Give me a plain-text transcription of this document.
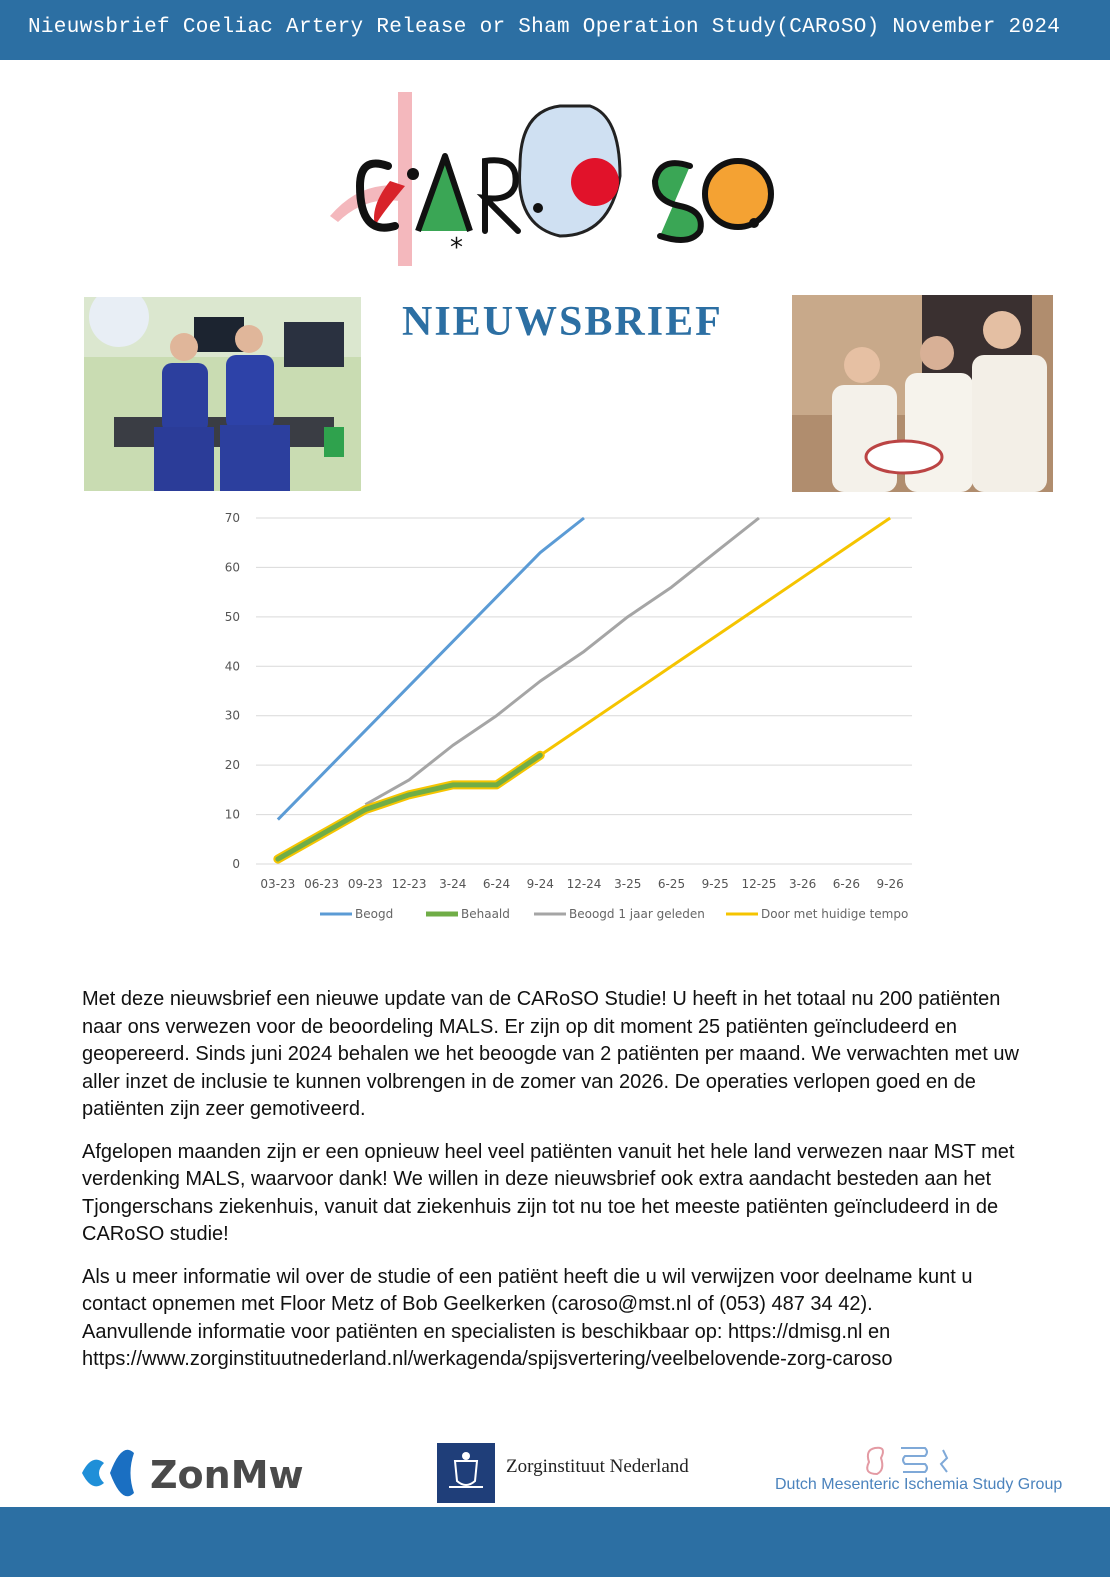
Nieuwsbrief Coeliac Artery Release or Sham Operation Study(CARoSO) November 2024
*
NIEUWSBRIEF
0
10
20
30
40
50
60
70
03-23 06-23 09-23 12-23 3-24 6-24 9-24 12-24 3-25 6-25 9-25 12-25 3-26 6-26 9-26
Beogd	Behaald	Beoogd 1 jaar geleden	Door met huidige tempo

Met deze nieuwsbrief een nieuwe update van de CARoSO Studie! U heeft in het totaal nu 200 patiënten naar ons verwezen voor de beoordeling MALS. Er zijn op dit moment 25 patiënten geïncludeerd en geopereerd. Sinds juni 2024 behalen we het beoogde van 2 patiënten per maand. We verwachten met uw aller inzet de inclusie te kunnen volbrengen in de zomer van 2026. De operaties verlopen goed en de patiënten zijn zeer gemotiveerd.

Afgelopen maanden zijn er een opnieuw heel veel patiënten vanuit het hele land verwezen naar MST met verdenking MALS, waarvoor dank! We willen in deze nieuwsbrief ook extra aandacht besteden aan het Tjongerschans ziekenhuis, vanuit dat ziekenhuis zijn tot nu toe het meeste patiënten geïncludeerd in de CARoSO studie!

Als u meer informatie wil over de studie of een patiënt heeft die u wil verwijzen voor deelname kunt u contact opnemen met Floor Metz of Bob Geelkerken (caroso@mst.nl of (053) 487 34 42).

Aanvullende informatie voor patiënten en specialisten is beschikbaar op: https://dmisg.nl en https://www.zorginstituutnederland.nl/werkagenda/spijsvertering/veelbelovende-zorg-caroso

ZonMw	Zorginstituut Nederland
Dutch Mesenteric Ischemia Study Group
